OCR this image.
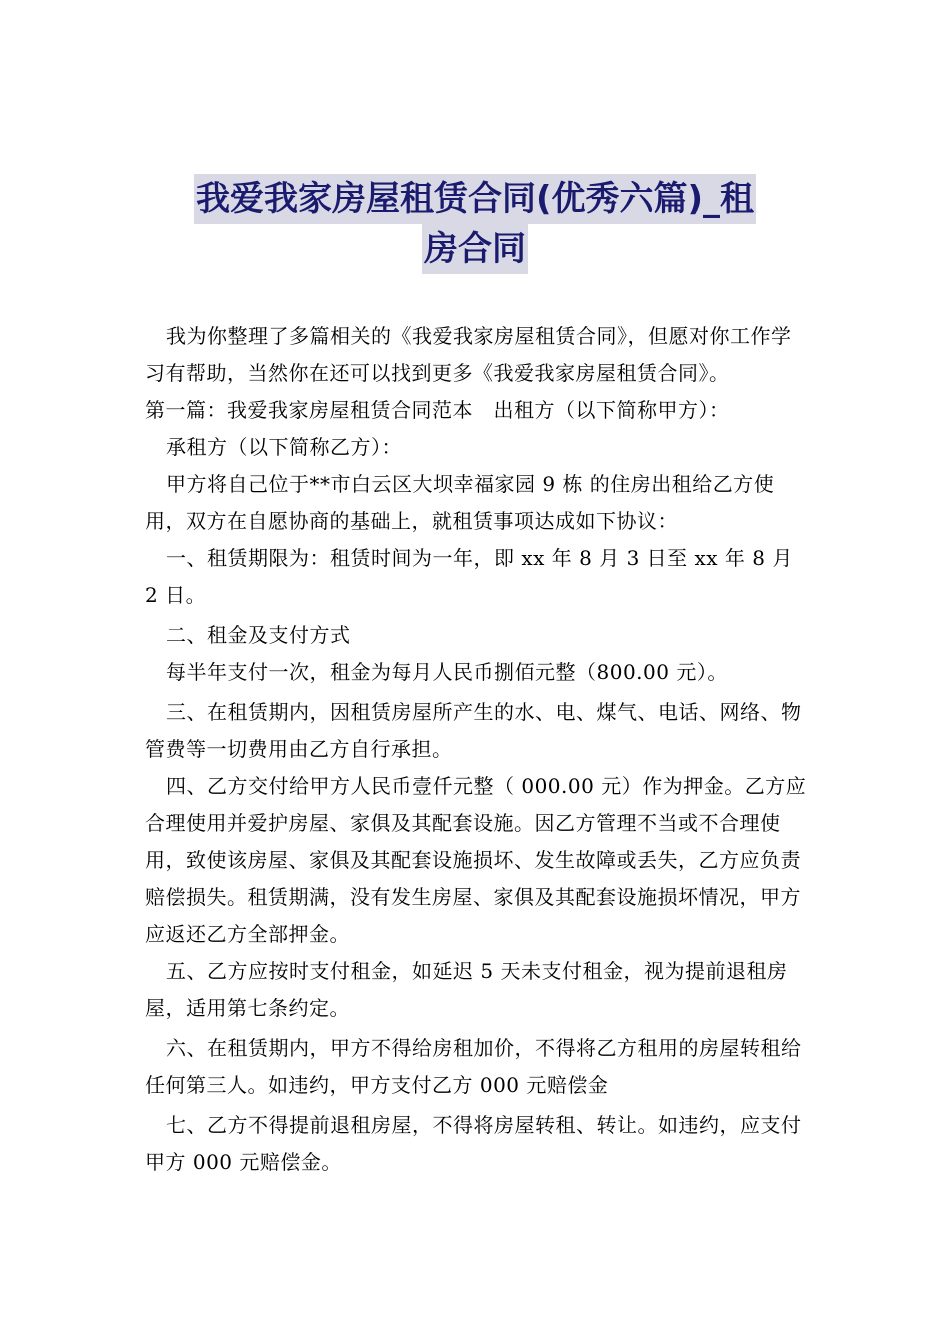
我爱我家房屋租赁合同(优秀六篇)_租
房合同

我为你整理了多篇相关的《我爱我家房屋租赁合同》，但愿对你工作学习有帮助，当然你在还可以找到更多《我爱我家房屋租赁合同》。

第一篇：我爱我家房屋租赁合同范本　出租方（以下简称甲方）：

承租方（以下简称乙方）：

甲方将自己位于**市白云区大坝幸福家园 9 栋 的住房出租给乙方使用，双方在自愿协商的基础上，就租赁事项达成如下协议：

一、租赁期限为：租赁时间为一年，即 xx 年 8 月 3 日至 xx 年 8 月 2 日。

二、租金及支付方式

每半年支付一次，租金为每月人民币捌佰元整（800.00 元）。

三、在租赁期内，因租赁房屋所产生的水、电、煤气、电话、网络、物管费等一切费用由乙方自行承担。

四、乙方交付给甲方人民币壹仟元整（ 000.00 元）作为押金。乙方应合理使用并爱护房屋、家俱及其配套设施。因乙方管理不当或不合理使用，致使该房屋、家俱及其配套设施损坏、发生故障或丢失，乙方应负责赔偿损失。租赁期满，没有发生房屋、家俱及其配套设施损坏情况，甲方应返还乙方全部押金。

五、乙方应按时支付租金，如延迟 5 天未支付租金，视为提前退租房屋，适用第七条约定。

六、在租赁期内，甲方不得给房租加价，不得将乙方租用的房屋转租给任何第三人。如违约，甲方支付乙方 000 元赔偿金

七、乙方不得提前退租房屋，不得将房屋转租、转让。如违约，应支付甲方 000 元赔偿金。
